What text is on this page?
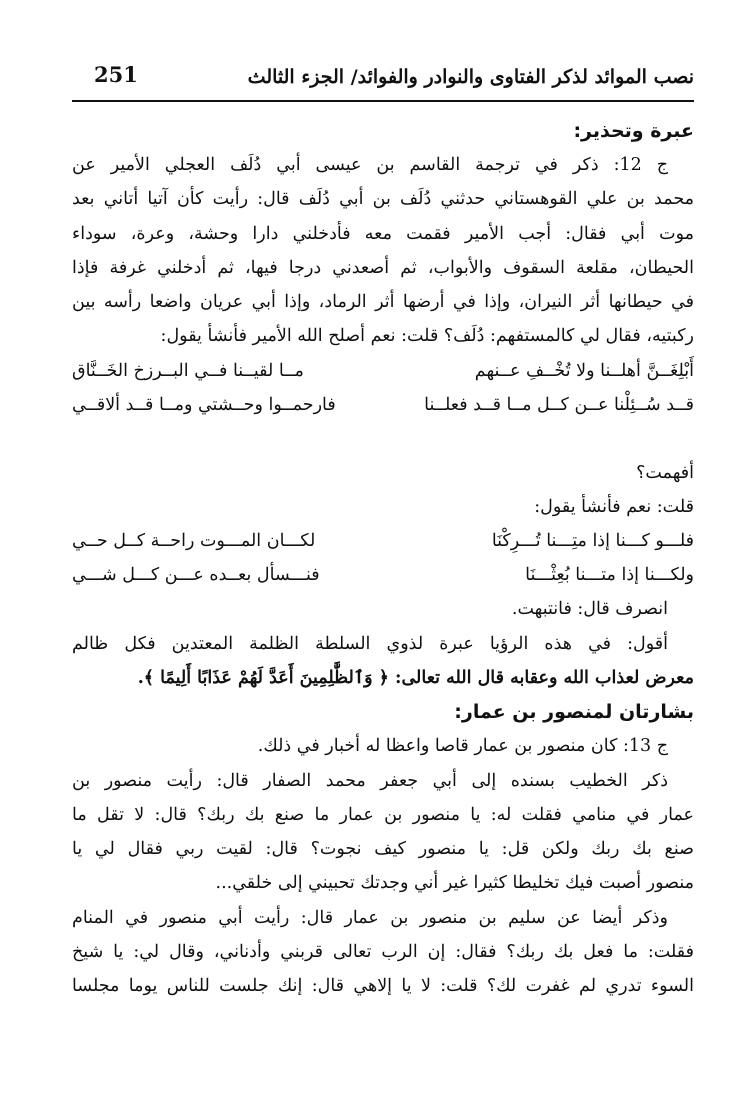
نصب الموائد لذكر الفتاوى والنوادر والفوائد/ الجزء الثالث
251
عبرة وتحذير:

ج 12: ذكر في ترجمة القاسم بن عيسى أبي دُلَف العجلي الأمير عن
محمد بن علي القوهستاني حدثني دُلَف بن أبي دُلَف قال: رأيت كأن آتيا أتاني بعد
موت أبي فقال: أجب الأمير فقمت معه فأدخلني دارا وحشة، وعرة، سوداء
الحيطان، مقلعة السقوف والأبواب، ثم أصعدني درجا فيها، ثم أدخلني غرفة فإذا
في حيطانها أثر النيران، وإذا في أرضها أثر الرماد، وإذا أبي عريان واضعا رأسه بين
ركبتيه، فقال لي كالمستفهم: دُلَف؟ قلت: نعم أصلح الله الأمير فأنشأ يقول:

أَبْلِغَــنَّ أهلــنا ولا تُخْــفِ عــنهم
مــا لقيــنا فــي البــرزخ الخَــنَّاق
قــد سُــئِلْنا عــن كــل مــا قــد فعلــنا
فارحمــوا وحــشتي ومــا قــد ألاقــي

أفهمت؟
قلت: نعم فأنشأ يقول:

فلـــو كـــنا إذا متِـــنا تُـــرِكْنَا
لكـــان المـــوت راحــة كــل حــي
ولكـــنا إذا متـــنا بُعِثْـــنَا
فنـــسأل بعــده عـــن كـــل شـــي

انصرف قال: فانتبهت.

أقول: في هذه الرؤيا عبرة لذوي السلطة الظلمة المعتدين فكل ظالم
معرض لعذاب الله وعقابه قال الله تعالى: ﴿ وَٱلظَّٰلِمِينَ أَعَدَّ لَهُمْ عَذَابًا أَلِيمًا ﴾.

بشارتان لمنصور بن عمار:

ج 13: كان منصور بن عمار قاصا واعظا له أخبار في ذلك.

ذكر الخطيب بسنده إلى أبي جعفر محمد الصفار قال: رأيت منصور بن
عمار في منامي فقلت له: يا منصور بن عمار ما صنع بك ربك؟ قال: لا تقل ما
صنع بك ربك ولكن قل: يا منصور كيف نجوت؟ قال: لقيت ربي فقال لي يا
منصور أصبت فيك تخليطا كثيرا غير أني وجدتك تحبيني إلى خلقي...

وذكر أيضا عن سليم بن منصور بن عمار قال: رأيت أبي منصور في المنام
فقلت: ما فعل بك ربك؟ فقال: إن الرب تعالى قربني وأدناني، وقال لي: يا شيخ
السوء تدري لم غفرت لك؟ قلت: لا يا إلاهي قال: إنك جلست للناس يوما مجلسا
